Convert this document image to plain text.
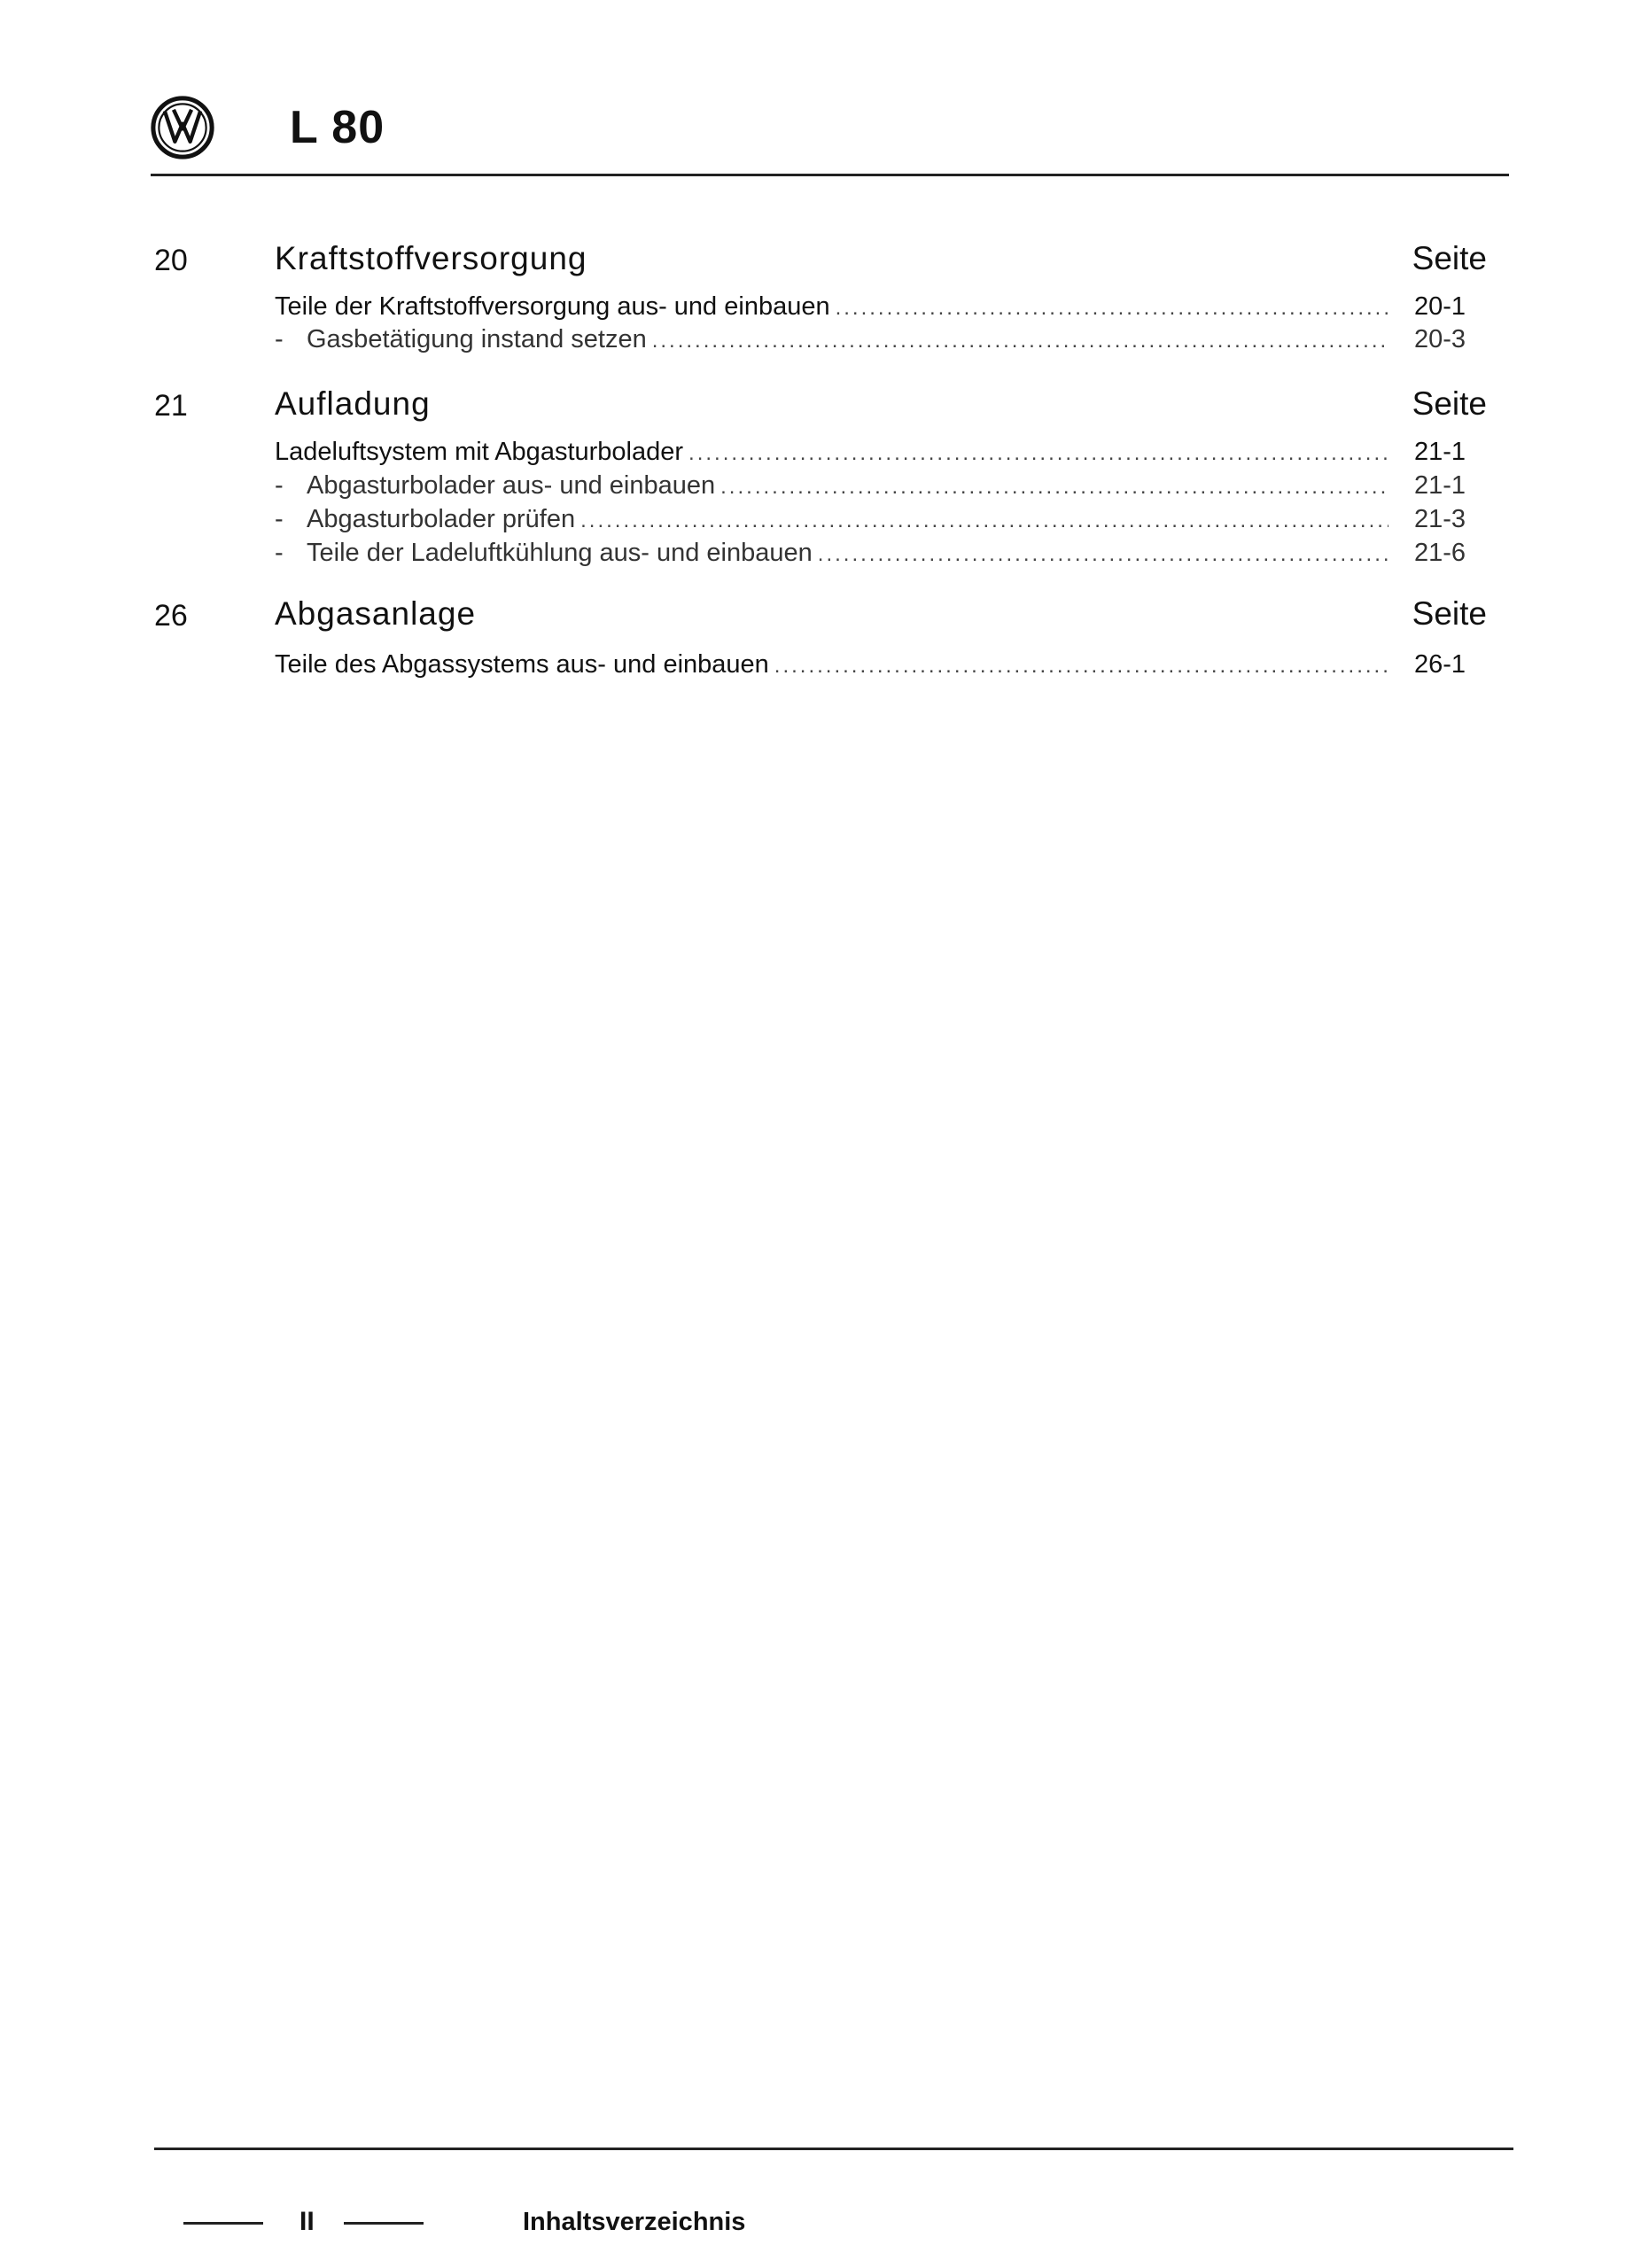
L 80
20	Kraftstoffversorgung	Seite
Teile der Kraftstoffversorgung aus- und einbauen .....	20-1
- Gasbetätigung instand setzen .....	20-3
21	Aufladung	Seite
Ladeluftsystem mit Abgasturbolader .....	21-1
- Abgasturbolader aus- und einbauen .....	21-1
- Abgasturbolader prüfen .....	21-3
- Teile der Ladeluftkühlung aus- und einbauen .....	21-6
26	Abgasanlage	Seite
Teile des Abgassystems aus- und einbauen .....	26-1
II	Inhaltsverzeichnis
